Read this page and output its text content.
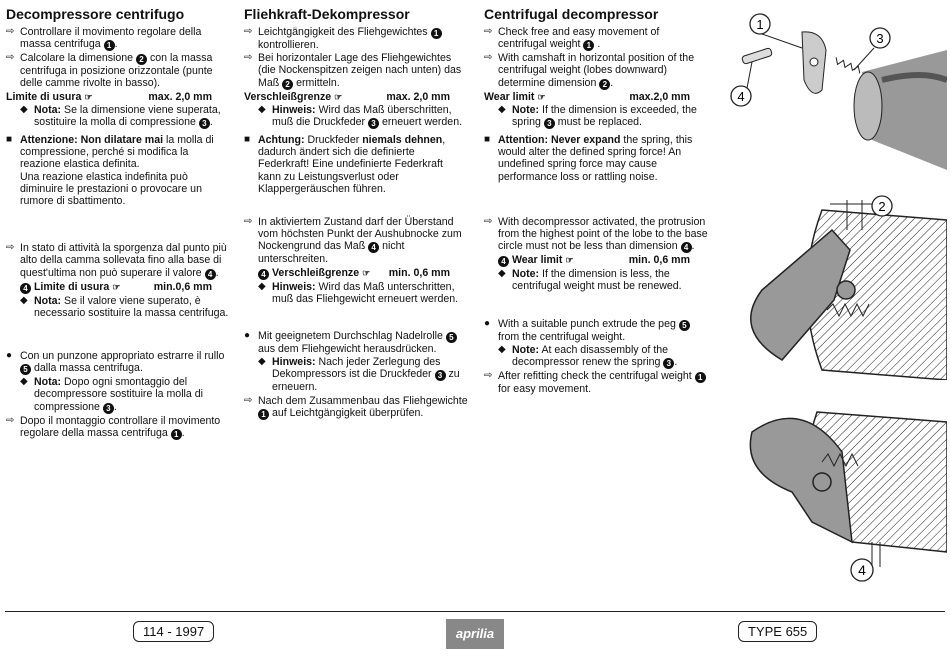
Decompressore centrifugo
⇨ Controllare il movimento regolare della massa centrifuga 1 .
⇨ Calcolare la dimensione 2 con la massa centrifuga in posizione orizzontale (punte delle camme rivolte in basso).
Limite di usura ☞	max. 2,0 mm
◆ Nota: Se la dimensione viene superata, sostituire la molla di compressione 3 .
■ Attenzione: Non dilatare mai la molla di compressione, perché si modifica la reazione elastica definita.
Una reazione elastica indefinita può diminuire le prestazioni o provocare un rumore di sbattimento.
⇨ In stato di attività la sporgenza dal punto più alto della camma sollevata fino alla base di quest'ultima non può superare il valore 4 .
4 Limite di usura ☞	min.0,6 mm
◆ Nota: Se il valore viene superato, è necessario sostituire la massa centrifuga.
● Con un punzone appropriato estrarre il rullo 5 dalla massa centrifuga.
◆ Nota: Dopo ogni smontaggio del decompressore sostituire la molla di compressione 3 .
⇨ Dopo il montaggio controllare il movimento regolare della massa centrifuga 1 .
Fliehkraft-Dekompressor
⇨ Leichtgängigkeit des Fliehgewichtes 1 kontrollieren.
⇨ Bei horizontaler Lage des Fliehgewichtes (die Nockenspitzen zeigen nach unten) das Maß 2 ermitteln.
Verschleißgrenze ☞	max. 2,0 mm
◆ Hinweis: Wird das Maß überschritten, muß die Druckfeder 3 erneuert werden.
■ Achtung: Druckfeder niemals dehnen, dadurch ändert sich die definierte Federkraft! Eine undefinierte Federkraft kann zu Leistungsverlust oder Klappergeräuschen führen.
⇨ In aktiviertem Zustand darf der Überstand vom höchsten Punkt der Aushubnocke zum Nockengrund das Maß 4 nicht unterschreiten.
4 Verschleißgrenze ☞ min. 0,6 mm
◆ Hinweis: Wird das Maß unterschritten, muß das Fliehgewicht erneuert werden.
● Mit geeignetem Durchschlag Nadelrolle 5 aus dem Fliehgewicht herausdrücken.
◆ Hinweis: Nach jeder Zerlegung des Dekompressors ist die Druckfeder 3 zu erneuern.
⇨ Nach dem Zusammenbau das Fliehgewichte 1 auf Leichtgängigkeit überprüfen.
Centrifugal decompressor
⇨ Check free and easy movement of centrifugal weight 1 .
⇨ With camshaft in horizontal position of the centrifugal weight (lobes downward) determine dimension 2 .
Wear limit ☞	max.2,0 mm
◆ Note: If the dimension is exceeded, the spring 3 must be replaced.
■ Attention: Never expand the spring, this would alter the defined spring force! An undefined spring force may cause performance loss or rattling noise.
⇨ With decompressor activated, the protrusion from the highest point of the lobe to the base circle must not be less than dimension 4 .
4 Wear limit ☞	min. 0,6 mm
◆ Note: If the dimension is less, the centrifugal weight must be renewed.
● With a suitable punch extrude the peg 5 from the centrifugal weight.
◆ Note: At each disassembly of the decompressor renew the spring 3 .
⇨ After refitting check the centrifugal weight 1 for easy movement.
1
3
4
2
4
114 - 1997	aprilia	TYPE 655
